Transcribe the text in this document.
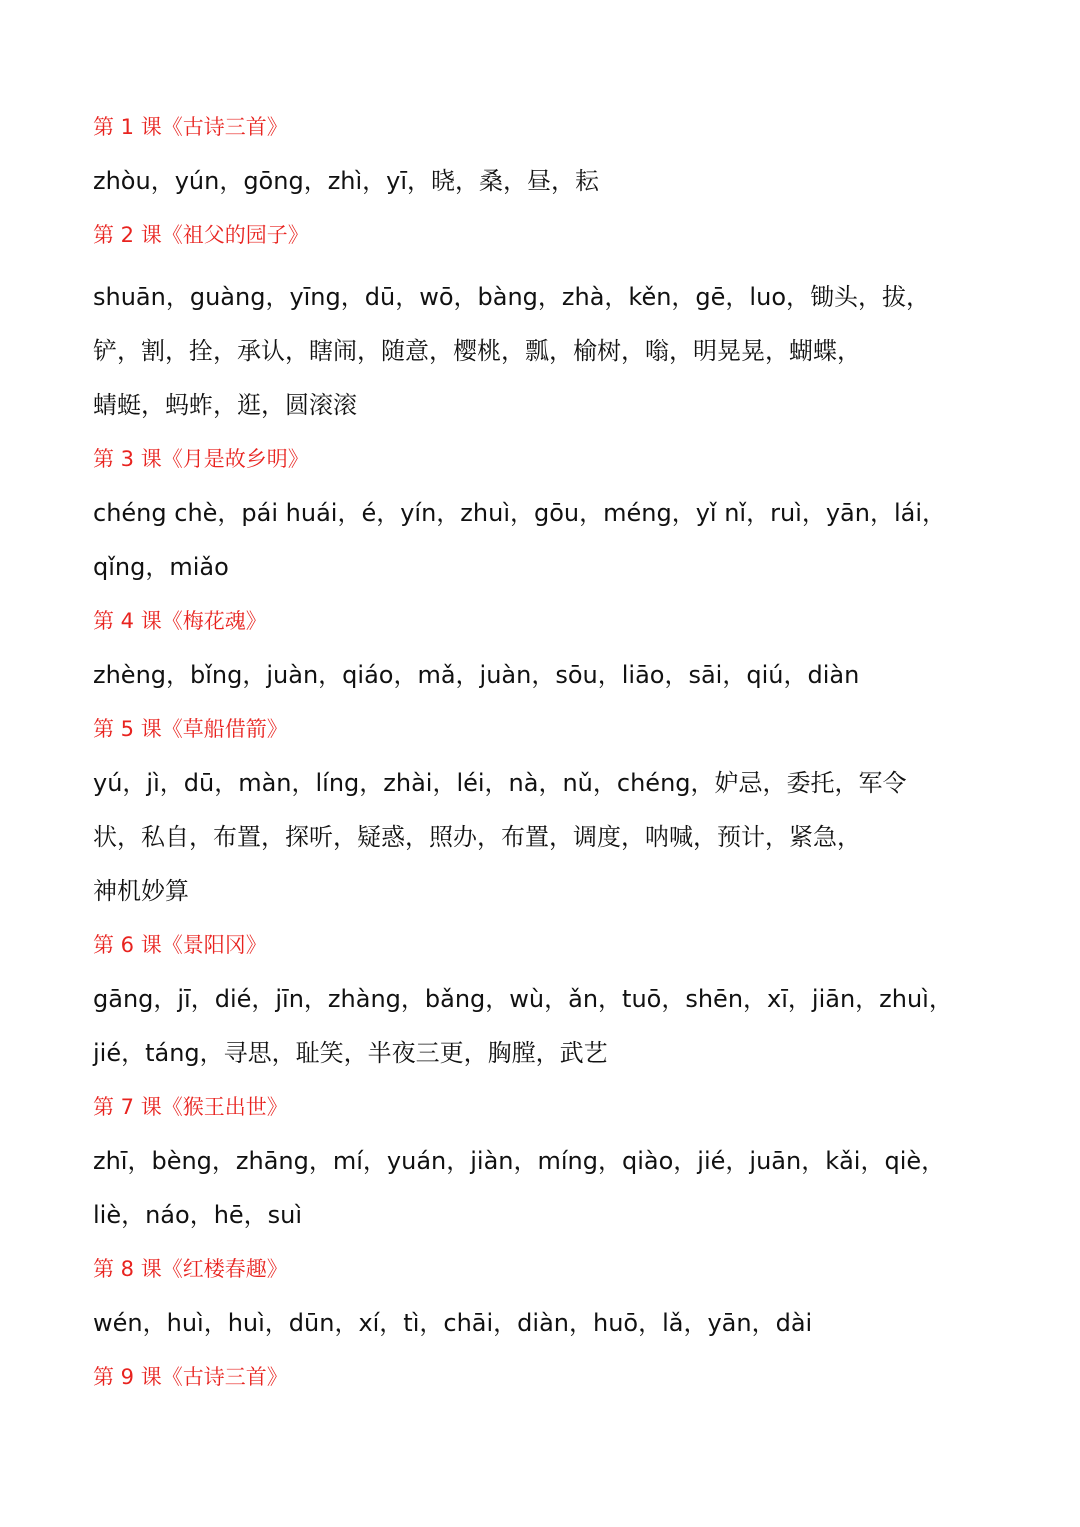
第 1 课《古诗三首》
zhòu，yún，gōng，zhì，yī，晓，桑，昼，耘
第 2 课《祖父的园子》
shuān，guàng，yīng，dū，wō，bàng，zhà，kěn，gē，luo，锄头，拔，
铲，割，拴，承认，瞎闹，随意，樱桃，瓢，榆树，嗡，明晃晃，蝴蝶，
蜻蜓，蚂蚱，逛，圆滚滚
第 3 课《月是故乡明》
chéng chè，pái huái，é，yín，zhuì，gōu，méng，yǐ nǐ，ruì，yān，lái，
qǐng，miǎo
第 4 课《梅花魂》
zhèng，bǐng，juàn，qiáo，mǎ，juàn，sōu，liāo，sāi，qiú，diàn
第 5 课《草船借箭》
yú，jì，dū，màn，líng，zhài，léi，nà，nǔ，chéng，妒忌，委托，军令
状，私自，布置，探听，疑惑，照办，布置，调度，呐喊，预计，紧急，
神机妙算
第 6 课《景阳冈》
gāng，jī，dié，jīn，zhàng，bǎng，wù，ǎn，tuō，shēn，xī，jiān，zhuì，
jié，táng，寻思，耻笑，半夜三更，胸膛，武艺
第 7 课《猴王出世》
zhī，bèng，zhāng，mí，yuán，jiàn，míng，qiào，jié，juān，kǎi，qiè，
liè，náo，hē，suì
第 8 课《红楼春趣》
wén，huì，huì，dūn，xí，tì，chāi，diàn，huō，lǎ，yān，dài
第 9 课《古诗三首》
